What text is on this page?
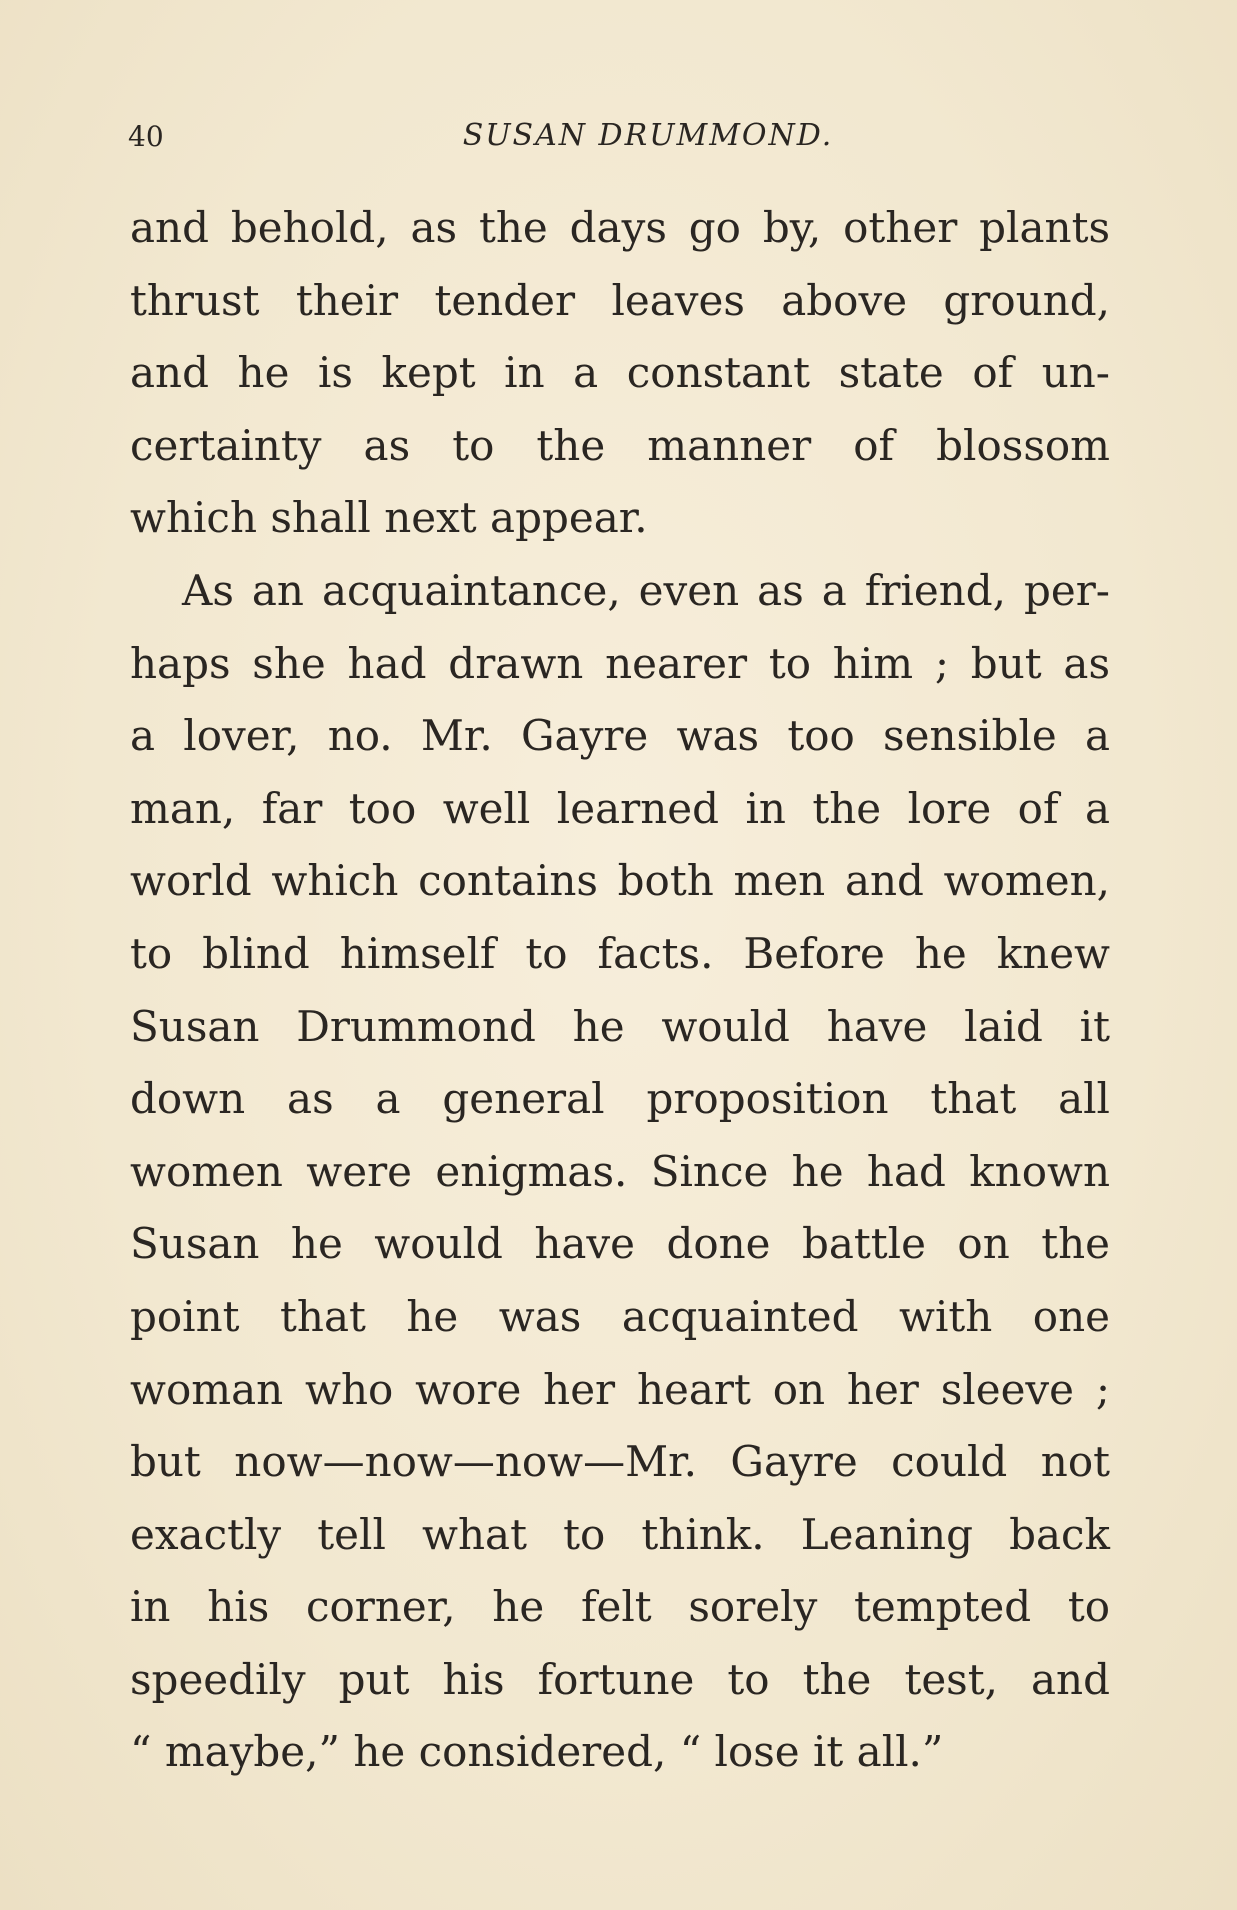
40	SUSAN DRUMMOND.
and behold, as the days go by, other plants
thrust their tender leaves above ground,
and he is kept in a constant state of un-
certainty as to the manner of blossom
which shall next appear.
As an acquaintance, even as a friend, per-
haps she had drawn nearer to him ; but as
a lover, no. Mr. Gayre was too sensible a
man, far too well learned in the lore of a
world which contains both men and women,
to blind himself to facts. Before he knew
Susan Drummond he would have laid it
down as a general proposition that all
women were enigmas. Since he had known
Susan he would have done battle on the
point that he was acquainted with one
woman who wore her heart on her sleeve ;
but now—now—now—Mr. Gayre could not
exactly tell what to think. Leaning back
in his corner, he felt sorely tempted to
speedily put his fortune to the test, and
“ maybe,” he considered, “ lose it all.”
